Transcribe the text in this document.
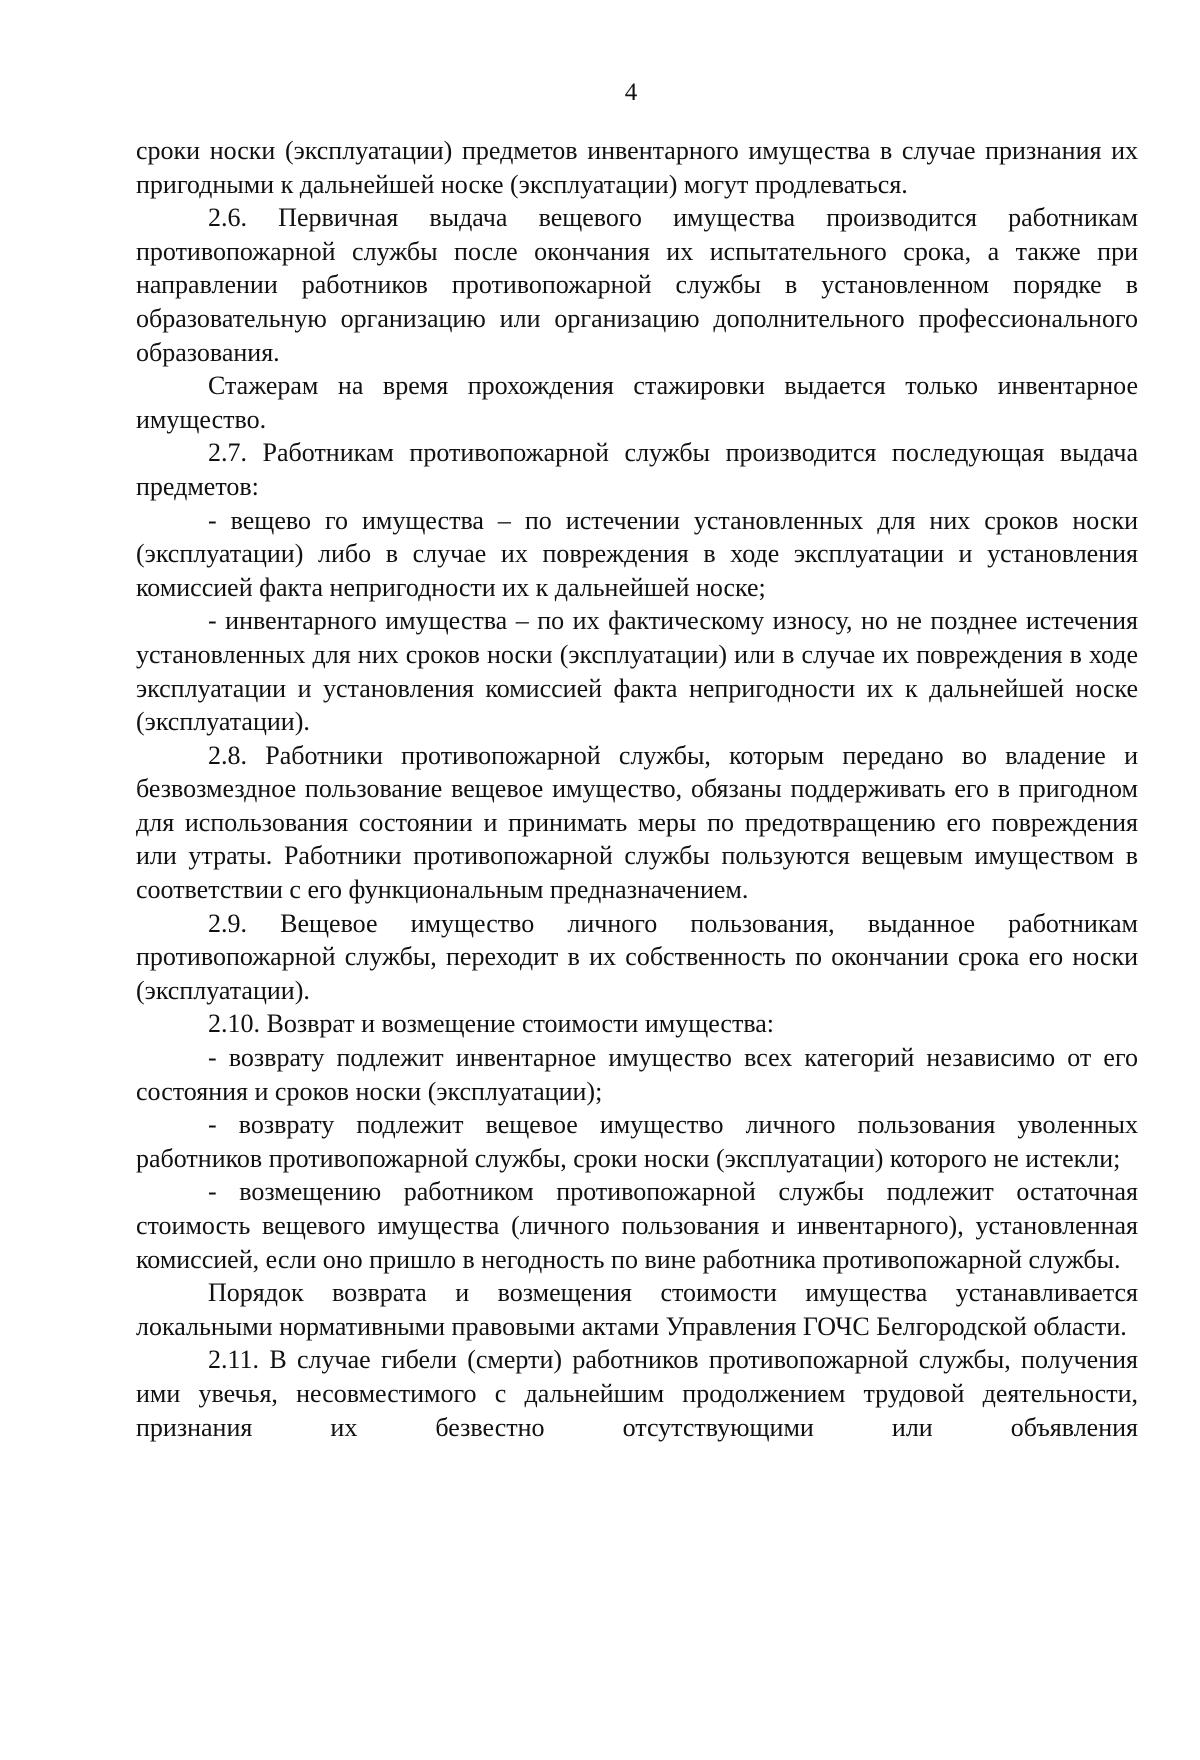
4

сроки носки (эксплуатации) предметов инвентарного имущества в случае признания их пригодными к дальнейшей носке (эксплуатации) могут продлеваться.

2.6. Первичная выдача вещевого имущества производится работникам противопожарной службы после окончания их испытательного срока, а также при направлении работников противопожарной службы в установленном порядке в образовательную организацию или организацию дополнительного профессионального образования.

Стажерам на время прохождения стажировки выдается только инвентарное имущество.

2.7. Работникам противопожарной службы производится последующая выдача предметов:

- вещево го имущества – по истечении установленных для них сроков носки (эксплуатации) либо в случае их повреждения в ходе эксплуатации и установления комиссией факта непригодности их к дальнейшей носке;

- инвентарного имущества – по их фактическому износу, но не позднее истечения установленных для них сроков носки (эксплуатации) или в случае их повреждения в ходе эксплуатации и установления комиссией факта непригодности их к дальнейшей носке (эксплуатации).

2.8. Работники противопожарной службы, которым передано во владение и безвозмездное пользование вещевое имущество, обязаны поддерживать его в пригодном для использования состоянии и принимать меры по предотвращению его повреждения или утраты. Работники противопожарной службы пользуются вещевым имуществом в соответствии с его функциональным предназначением.

2.9. Вещевое имущество личного пользования, выданное работникам противопожарной службы, переходит в их собственность по окончании срока его носки (эксплуатации).

2.10. Возврат и возмещение стоимости имущества:

- возврату подлежит инвентарное имущество всех категорий независимо от его состояния и сроков носки (эксплуатации);

- возврату подлежит вещевое имущество личного пользования уволенных работников противопожарной службы, сроки носки (эксплуатации) которого не истекли;

- возмещению работником противопожарной службы подлежит остаточная стоимость вещевого имущества (личного пользования и инвентарного), установленная комиссией, если оно пришло в негодность по вине работника противопожарной службы.

Порядок возврата и возмещения стоимости имущества устанавливается локальными нормативными правовыми актами Управления ГОЧС Белгородской области.

2.11. В случае гибели (смерти) работников противопожарной службы, получения ими увечья, несовместимого с дальнейшим продолжением трудовой деятельности, признания их безвестно отсутствующими или объявления
